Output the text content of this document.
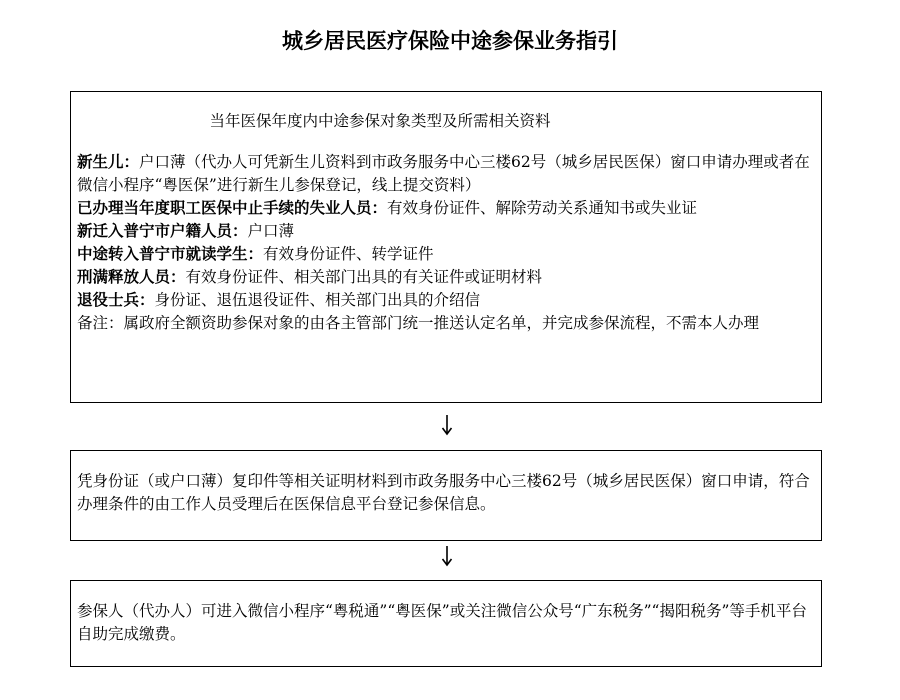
城乡居民医疗保险中途参保业务指引
当年医保年度内中途参保对象类型及所需相关资料

新生儿：户口薄（代办人可凭新生儿资料到市政务服务中心三楼62号（城乡居民医保）窗口申请办理或者在微信小程序“粤医保”进行新生儿参保登记，线上提交资料）

已办理当年度职工医保中止手续的失业人员：有效身份证件、解除劳动关系通知书或失业证

新迁入普宁市户籍人员：户口薄

中途转入普宁市就读学生：有效身份证件、转学证件

刑满释放人员：有效身份证件、相关部门出具的有关证件或证明材料

退役士兵：身份证、退伍退役证件、相关部门出具的介绍信

备注：属政府全额资助参保对象的由各主管部门统一推送认定名单，并完成参保流程，不需本人办理

凭身份证（或户口薄）复印件等相关证明材料到市政务服务中心三楼62号（城乡居民医保）窗口申请，符合办理条件的由工作人员受理后在医保信息平台登记参保信息。

参保人（代办人）可进入微信小程序“粤税通”“粤医保”或关注微信公众号“广东税务”“揭阳税务”等手机平台自助完成缴费。
